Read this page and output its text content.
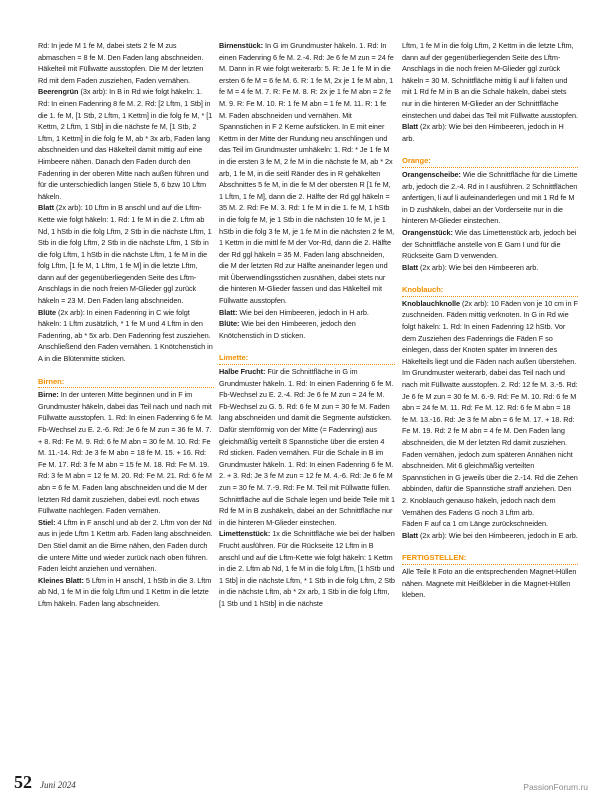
Rd: In jede M 1 fe M, dabei stets 2 fe M zus abmaschen = 8 fe M. Den Faden lang abschneiden. Häkelteil mit Füllwatte ausstopfen. Die M der letzten Rd mit dem Faden zusziehen, Faden vernähen.

Beerengrün (3x arb): In B in Rd wie folgt häkeln: 1. Rd: In einen Fadenring 8 fe M. 2. Rd: [2 Lftm, 1 Stb] in die 1. fe M, [1 Stb, 2 Lftm, 1 Kettm] in die folg fe M, * [1 Kettm, 2 Lftm, 1 Stb] in die nächste fe M, [1 Stb, 2 Lftm, 1 Kettm] in die folg fe M, ab * 3x arb, Faden lang abschneiden und das Häkelteil damit mittig auf eine Himbeere nähen. Danach den Faden durch den Fadenring in der oberen Mitte nach außen führen und für die unterschiedlich langen Stiele 5, 6 bzw 10 Lftm häkeln.

Blatt (2x arb): 10 Lftm in B anschl und auf die Lftm-Kette wie folgt häkeln: 1. Rd: 1 fe M in die 2. Lftm ab Nd, 1 hStb in die folg Lftm, 2 Stb in die nächste Lftm, 1 Stb in die folg Lftm, 2 Stb in die nächste Lftm, 1 Stb in die folg Lftm, 1 hStb in die nächste Lftm, 1 fe M in die folg Lftm, [1 fe M, 1 Lftm, 1 fe M] in die letzte Lftm, dann auf der gegenüberliegenden Seite des Lftm-Anschlags in die noch freien M-Glieder ggl zurück häkeln = 23 M. Den Faden lang abschneiden.

Blüte (2x arb): In einen Fadenring in C wie folgt häkeln: 1 Lftm zusätzlich, * 1 fe M und 4 Lftm in den Fadenring, ab * 5x arb. Den Fadenring fest zusziehen. Anschließend den Faden vernähen. 1 Knötchenstich in A in die Blütenmitte sticken.

Birnen:

Birne: In der unteren Mitte beginnen und in F im Grundmuster häkeln, dabei das Teil nach und nach mit Füllwatte ausstopfen. 1. Rd: In einen Fadenring 6 fe M. Fb-Wechsel zu E. 2.-6. Rd: Je 6 fe M zun = 36 fe M. 7. + 8. Rd: Fe M. 9. Rd: 6 fe M abn = 30 fe M. 10. Rd: Fe M. 11.-14. Rd: Je 3 fe M abn = 18 fe M. 15. + 16. Rd: Fe M. 17. Rd: 3 fe M abn = 15 fe M. 18. Rd: Fe M. 19. Rd: 3 fe M abn = 12 fe M. 20. Rd: Fe M. 21. Rd: 6 fe M abn = 6 fe M. Faden lang abschneiden und die M der letzten Rd damit zusziehen, dabei evtl. noch etwas Füllwatte nachlegen. Faden vernähen.

Stiel: 4 Lftm in F anschl und ab der 2. Lftm von der Nd aus in jede Lftm 1 Kettm arb. Faden lang abschneiden. Den Stiel damit an die Birne nähen, den Faden durch die untere Mitte und wieder zurück nach oben führen. Faden leicht anziehen und vernähen.

Kleines Blatt: 5 Lftm in H anschl, 1 hStb in die 3. Lftm ab Nd, 1 fe M in die folg Lftm und 1 Kettm in die letzte Lftm häkeln. Faden lang abschneiden.

Birnenstück: In G im Grundmuster häkeln. 1. Rd: In einen Fadenring 6 fe M. 2.-4. Rd: Je 6 fe M zun = 24 fe M. Dann in R wie folgt weiterarb: 5. R: Je 1 fe M in die ersten 6 fe M = 6 fe M. 6. R: 1 fe M, 2x je 1 fe M abn, 1 fe M = 4 fe M. 7. R: Fe M. 8. R: 2x je 1 fe M abn = 2 fe M. 9. R: Fe M. 10. R: 1 fe M abn = 1 fe M. 11. R: 1 fe M. Faden abschneiden und vernähen. Mit Spannstichen in F 2 Kerne aufsticken. In E mit einer Kettm in der Mitte der Rundung neu anschlingen und das Teil im Grundmuster umhäkeln: 1. Rd: * Je 1 fe M in die ersten 3 fe M, 2 fe M in die nächste fe M, ab * 2x arb, 1 fe M, in die seitl Ränder des in R gehäkelten Abschnittes 5 fe M, in die fe M der obersten R [1 fe M, 1 Lftm, 1 fe M], dann die 2. Hälfte der Rd ggl häkeln = 35 M. 2. Rd: Fe M. 3. Rd: 1 fe M in die 1. fe M, 1 hStb in die folg fe M, je 1 Stb in die nächsten 10 fe M, je 1 hStb in die folg 3 fe M, je 1 fe M in die nächsten 2 fe M, 1 Kettm in die mittl fe M der Vor-Rd, dann die 2. Hälfte der Rd ggl häkeln = 35 M. Faden lang abschneiden, die M der letzten Rd zur Hälfte aneinander legen und mit Überwendlingsstichen zusnähen, dabei stets nur die hinteren M-Glieder fassen und das Häkelteil mit Füllwatte ausstopfen.

Blatt: Wie bei den Himbeeren, jedoch in H arb.

Blüte: Wie bei den Himbeeren, jedoch den Knötchenstich in D sticken.

Limette:

Halbe Frucht: Für die Schnittfläche in G im Grundmuster häkeln. 1. Rd: In einen Fadenring 6 fe M. Fb-Wechsel zu E. 2.-4. Rd: Je 6 fe M zun = 24 fe M. Fb-Wechsel zu G. 5. Rd: 6 fe M zun = 30 fe M. Faden lang abschneiden und damit die Segmente aufsticken. Dafür sternförmig von der Mitte (= Fadenring) aus gleichmäßig verteilt 8 Spannstiche über die ersten 4 Rd sticken. Faden vernähen. Für die Schale in B im Grundmuster häkeln. 1. Rd: In einen Fadenring 6 fe M. 2. + 3. Rd: Je 3 fe M zun = 12 fe M. 4.-6. Rd: Je 6 fe M zun = 30 fe M. 7.-9. Rd: Fe M. Teil mit Füllwatte füllen. Schnittfläche auf die Schale legen und beide Teile mit 1 Rd fe M in B zushäkeln, dabei an der Schnittfläche nur in die hinteren M-Glieder einstechen.

Limettenstück: 1x die Schnittfläche wie bei der halben Frucht ausführen. Für die Rückseite 12 Lftm in B anschl und auf die Lftm-Kette wie folgt häkeln: 1 Kettm in die 2. Lftm ab Nd, 1 fe M in die folg Lftm, [1 hStb und 1 Stb] in die nächste Lftm, * 1 Stb in die folg Lftm, 2 Stb in die nächste Lftm, ab * 2x arb, 1 Stb in die folg Lftm, [1 Stb und 1 hStb] in die nächste

Lftm, 1 fe M in die folg Lftm, 2 Kettm in die letzte Lftm, dann auf der gegenüberliegenden Seite des Lftm-Anschlags in die noch freien M-Glieder ggl zurück häkeln = 30 M. Schnittfläche mittig li auf li falten und mit 1 Rd fe M in B an die Schale häkeln, dabei stets nur in die hinteren M-Glieder an der Schnittfläche einstechen und dabei das Teil mit Füllwatte ausstopfen.

Blatt (2x arb): Wie bei den Himbeeren, jedoch in H arb.

Orange:

Orangenscheibe: Wie die Schnittfläche für die Limette arb, jedoch die 2.-4. Rd in I ausführen. 2 Schnittflächen anfertigen, li auf li aufeinanderlegen und mit 1 Rd fe M in D zushäkeln, dabei an der Vorderseite nur in die hinteren M-Glieder einstechen.

Orangenstück: Wie das Limettenstück arb, jedoch bei der Schnittfläche anstelle von E Garn I und für die Rückseite Garn D verwenden.

Blatt (2x arb): Wie bei den Himbeeren arb.

Knoblauch:

Knoblauchknolle (2x arb): 10 Fäden von je 10 cm in F zuschneiden. Fäden mittig verknoten. In G in Rd wie folgt häkeln: 1. Rd: In einen Fadenring 12 hStb. Vor dem Zusziehen des Fadenrings die Fäden F so einlegen, dass der Knoten später im Inneren des Häkelteils liegt und die Fäden nach außen überstehen. Im Grundmuster weiterarb, dabei das Teil nach und nach mit Füllwatte ausstopfen. 2. Rd: 12 fe M. 3.-5. Rd: Je 6 fe M zun = 30 fe M. 6.-9. Rd: Fe M. 10. Rd: 6 fe M abn = 24 fe M. 11. Rd: Fe M. 12. Rd: 6 fe M abn = 18 fe M. 13.-16. Rd: Je 3 fe M abn = 6 fe M. 17. + 18. Rd: Fe M. 19. Rd: 2 fe M abn = 4 fe M. Den Faden lang abschneiden, die M der letzten Rd damit zusziehen. Faden vernähen, jedoch zum späteren Annähen nicht abschneiden. Mit 6 gleichmäßig verteilten Spannstichen in G jeweils über die 2.-14. Rd die Zehen abbinden, dafür die Spannstiche straff anziehen. Den 2. Knoblauch genauso häkeln, jedoch nach dem Vernähen des Fadens G noch 3 Lftm arb.

Fäden F auf ca 1 cm Länge zurückschneiden.

Blatt (2x arb): Wie bei den Himbeeren, jedoch in E arb.

FERTIGSTELLEN:

Alle Teile lt Foto an die entsprechenden Magnet-Hüllen nähen. Magnete mit Heißkleber in die Magnet-Hüllen kleben.

52 Juni 2024	PassionForum.ru
